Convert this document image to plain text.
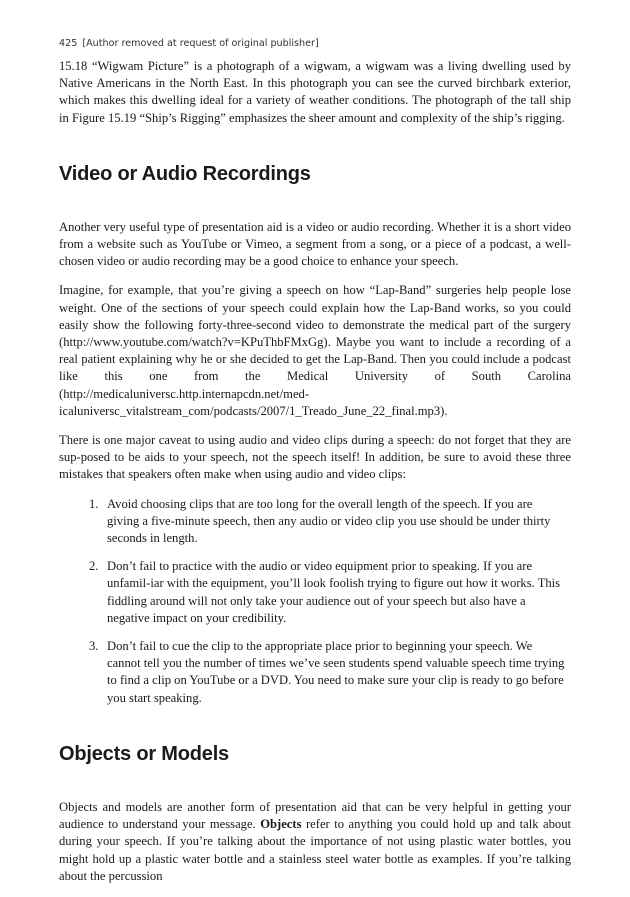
425 [Author removed at request of original publisher]

15.18 “Wigwam Picture” is a photograph of a wigwam, a wigwam was a living dwelling used by Native Americans in the North East. In this photograph you can see the curved birchbark exterior, which makes this dwelling ideal for a variety of weather conditions. The photograph of the tall ship in Figure 15.19 “Ship’s Rigging” emphasizes the sheer amount and complexity of the ship’s rigging.

Video or Audio Recordings

Another very useful type of presentation aid is a video or audio recording. Whether it is a short video from a website such as YouTube or Vimeo, a segment from a song, or a piece of a podcast, a well-chosen video or audio recording may be a good choice to enhance your speech.

Imagine, for example, that you’re giving a speech on how “Lap-Band” surgeries help people lose weight. One of the sections of your speech could explain how the Lap-Band works, so you could easily show the following forty-three-second video to demonstrate the medical part of the surgery (http://www.youtube.com/watch?v=KPuThbFMxGg). Maybe you want to include a recording of a real patient explaining why he or she decided to get the Lap-Band. Then you could include a podcast like this one from the Medical University of South Carolina (http://medicaluniversc.http.internapcdn.net/med-icaluniversc_vitalstream_com/podcasts/2007/1_Treado_June_22_final.mp3).

There is one major caveat to using audio and video clips during a speech: do not forget that they are sup-posed to be aids to your speech, not the speech itself! In addition, be sure to avoid these three mistakes that speakers often make when using audio and video clips:

1. Avoid choosing clips that are too long for the overall length of the speech. If you are giving a five-minute speech, then any audio or video clip you use should be under thirty seconds in length.
2. Don’t fail to practice with the audio or video equipment prior to speaking. If you are unfamil-iar with the equipment, you’ll look foolish trying to figure out how it works. This fiddling around will not only take your audience out of your speech but also have a negative impact on your credibility.
3. Don’t fail to cue the clip to the appropriate place prior to beginning your speech. We cannot tell you the number of times we’ve seen students spend valuable speech time trying to find a clip on YouTube or a DVD. You need to make sure your clip is ready to go before you start speaking.
Objects or Models

Objects and models are another form of presentation aid that can be very helpful in getting your audience to understand your message. Objects refer to anything you could hold up and talk about during your speech. If you’re talking about the importance of not using plastic water bottles, you might hold up a plastic water bottle and a stainless steel water bottle as examples. If you’re talking about the percussion
